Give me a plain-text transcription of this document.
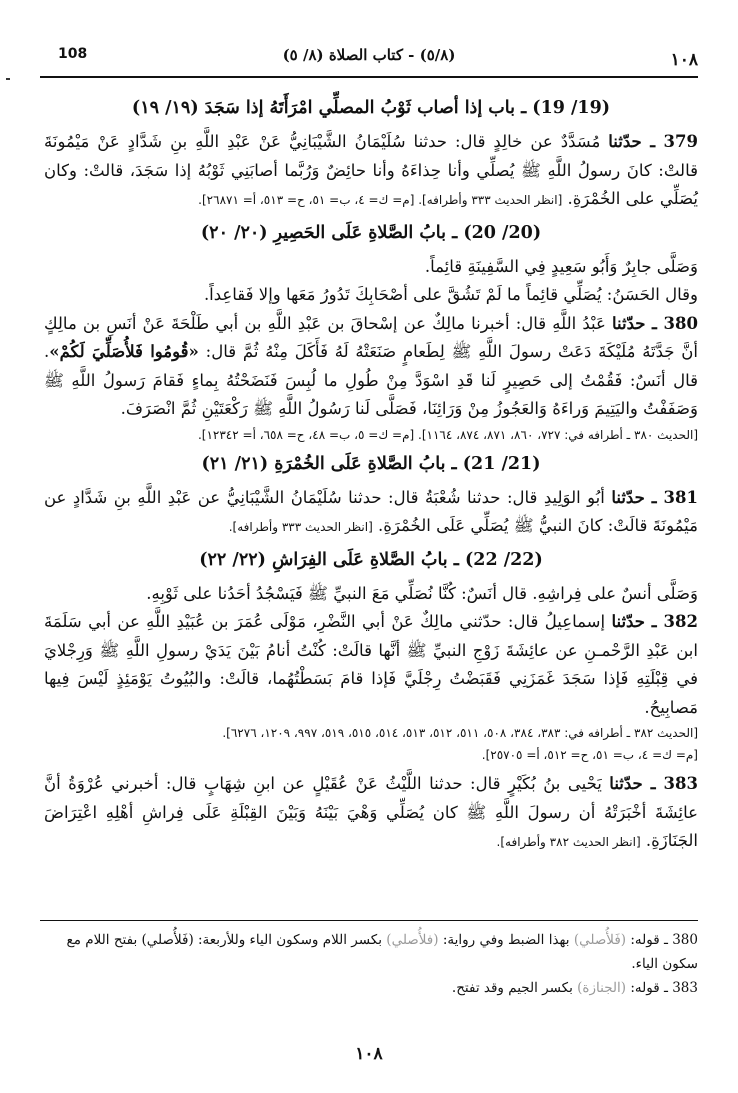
108	(٥/٨) - كتاب الصلاة (٨/ ٥)	١٠٨
(19/ 19) ـ باب إذا أصاب ثَوْبُ المصلِّي امْرَأَتَهُ إذا سَجَدَ (١٩/ ١٩)

379 ـ حدّثنا مُسَدَّدٌ عن خالِدٍ قال: حدثنا سُلَيْمَانُ الشَّيْبَانِيُّ عَنْ عَبْدِ اللَّهِ بنِ شَدَّادٍ عَنْ مَيْمُونَةَ قالتْ: كانَ رسولُ اللَّهِ ﷺ يُصلِّي وأنا حِذاءَهُ وأنا حائِضٌ وَرُبَّما أصابَنِي ثَوْبُهُ إذا سَجَدَ، قالتْ: وكان يُصَلِّي على الخُمْرَةِ. [انظر الحديث ٣٣٣ وأطرافه]. [م= ك= ٤، ب= ٥١، ح= ٥١٣، أ= ٢٦٨٧١].

(20/ 20) ـ بابُ الصَّلاةِ عَلَى الحَصِيرِ (٢٠/ ٢٠)

وَصَلَّى جابِرٌ وَأَبُو سَعِيدٍ فِي السَّفِينَةِ قائِماً.

وقال الحَسَنُ: يُصَلِّي قائِماً ما لَمْ تَشُقَّ على أصْحَابِكَ تَدُورُ مَعَها وإلا فَقاعِداً.

380 ـ حدّثنا عَبْدُ اللَّهِ قال: أخبرنا مالِكٌ عن إسْحاقَ بن عَبْدِ اللَّهِ بن أبي طَلْحَةَ عَنْ أنَسِ بن مالِكٍ أنَّ جَدَّتَهُ مُلَيْكَةَ دَعَتْ رسولَ اللَّهِ ﷺ لِطَعامٍ صَنَعَتْهُ لَهُ فَأَكَلَ مِنْهُ ثُمَّ قال: «قُومُوا فَلأُصَلِّيَ لَكُمْ». قال أنَسٌ: فَقُمْتُ إلى حَصِيرٍ لَنا قَدِ اسْوَدَّ مِنْ طُولِ ما لُبِسَ فَنَضَحْتُهُ بِماءٍ فَقامَ رَسولُ اللَّهِ ﷺ وَصَفَفْتُ واليَتِيمَ وَراءَهُ وَالعَجُوزُ مِنْ وَرَائِنَا، فَصَلَّى لَنا رَسُولُ اللَّهِ ﷺ رَكْعَتَيْنِ ثُمَّ انْصَرَفَ.

[الحديث ٣٨٠ ـ أطرافه في: ٧٢٧، ٨٦٠، ٨٧١، ٨٧٤، ١١٦٤]. [م= ك= ٥، ب= ٤٨، ح= ٦٥٨، أ= ١٢٣٤٢].

(21/ 21) ـ بابُ الصَّلاةِ عَلَى الخُمْرَةِ (٢١/ ٢١)

381 ـ حدّثنا أبُو الوَلِيدِ قال: حدثنا شُعْبَةُ قال: حدثنا سُلَيْمَانُ الشَّيْبَانِيُّ عن عَبْدِ اللَّهِ بنِ شَدَّادٍ عن مَيْمُونَةَ قالَتْ: كانَ النبيُّ ﷺ يُصَلِّي عَلَى الخُمْرَةِ. [انظر الحديث ٣٣٣ وأطرافه].

(22/ 22) ـ بابُ الصَّلاةِ عَلَى الفِرَاشِ (٢٢/ ٢٢)

وَصَلَّى أنسٌ على فِراشِهِ. قال أنَسٌ: كُنَّا نُصَلِّي مَعَ النبيِّ ﷺ فَيَسْجُدُ أحَدُنا على ثَوْبِهِ.

382 ـ حدّثنا إسماعِيلُ قال: حدّثني مالِكٌ عَنْ أبي النَّضْرِ، مَوْلَى عُمَرَ بن عُبَيْدِ اللَّهِ عن أبي سَلَمَةَ ابن عَبْدِ الرَّحْمـنِ عن عائِشَةَ زَوْجِ النبيِّ ﷺ أنَّها قالَتْ: كُنْتُ أنامُ بَيْنَ يَدَيْ رسولِ اللَّهِ ﷺ وَرِجْلايَ في قِبْلَتِهِ فَإذا سَجَدَ غَمَزَنِي فَقَبَضْتُ رِجْلَيَّ فَإذا قامَ بَسَطْتُهُما، قالَتْ: والبُيُوتُ يَوْمَئِذٍ لَيْسَ فِيها مَصابِيحُ.

[الحديث ٣٨٢ ـ أطرافه في: ٣٨٣، ٣٨٤، ٥٠٨، ٥١١، ٥١٢، ٥١٣، ٥١٤، ٥١٥، ٥١٩، ٩٩٧، ١٢٠٩، ٦٢٧٦].

[م= ك= ٤، ب= ٥١، ح= ٥١٢، أ= ٢٥٧٠٥].

383 ـ حدّثنا يَحْيى بنُ بُكَيْرٍ قال: حدثنا اللَّيْثُ عَنْ عُقَيْلٍ عن ابنِ شِهَابٍ قال: أخبرني عُرْوَةُ أنَّ عائِشَةَ أخْبَرَتْهُ أن رسولَ اللَّهِ ﷺ كان يُصَلِّي وَهْيَ بَيْنَهُ وَبَيْنَ القِبْلَةِ عَلَى فِراشِ أهْلِهِ اعْتِرَاضَ الجَنَازَةِ. [انظر الحديث ٣٨٢ وأطرافه].

380 ـ قوله: (فَلأُصلي) بهذا الضبط وفي رواية: (فلأُصلي) بكسر اللام وسكون الياء وللأربعة: (فَلأُصلي) بفتح اللام مع سكون الياء.

383 ـ قوله: (الجنازة) بكسر الجيم وقد تفتح.

١٠٨
